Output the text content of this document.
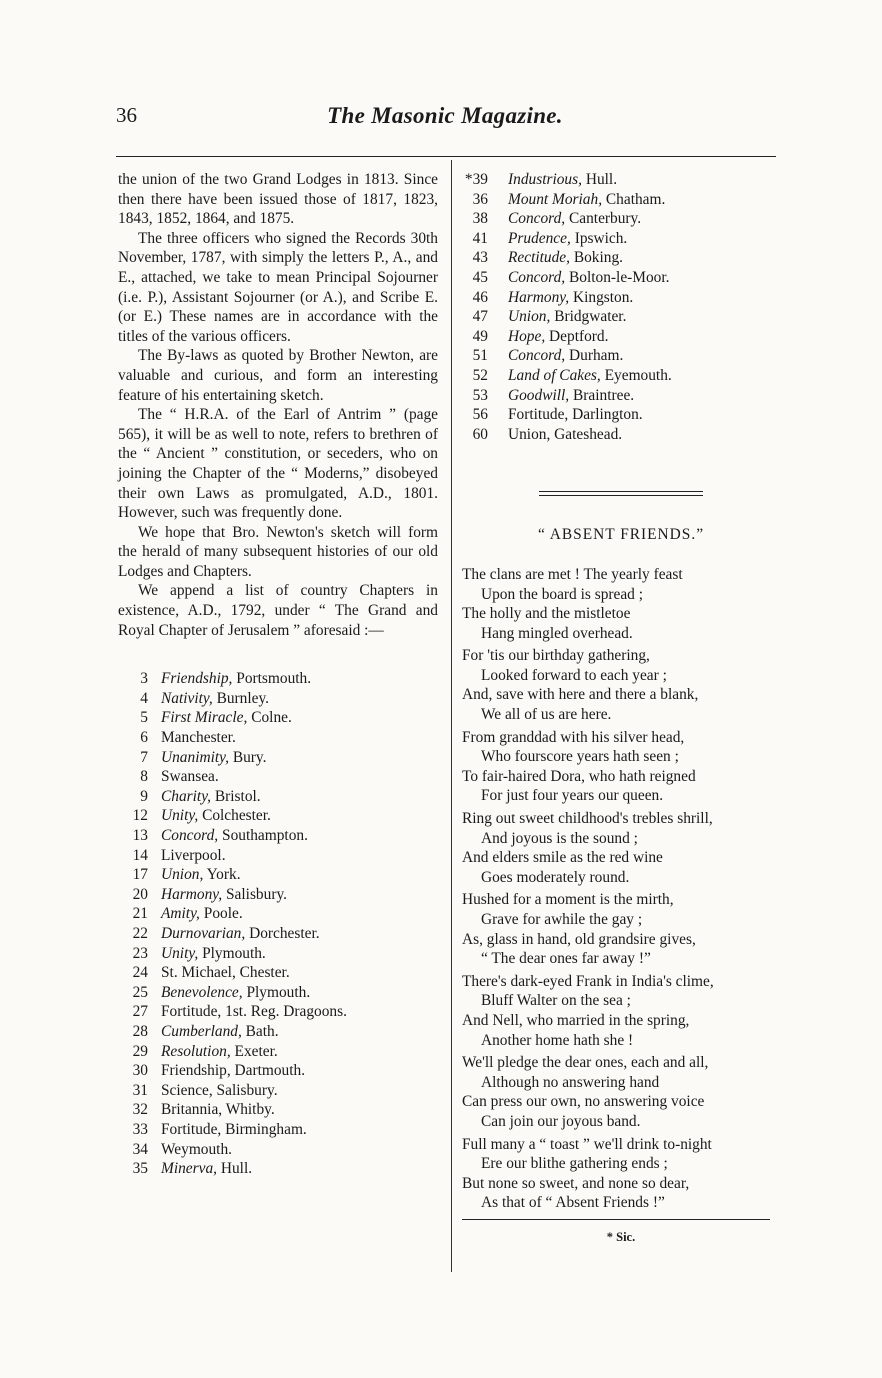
36	The Masonic Magazine.

the union of the two Grand Lodges in 1813. Since then there have been issued those of 1817, 1823, 1843, 1852, 1864, and 1875.

The three officers who signed the Records 30th November, 1787, with simply the letters P., A., and E., attached, we take to mean Principal Sojourner (i.e. P.), Assistant Sojourner (or A.), and Scribe E. (or E.) These names are in accordance with the titles of the various officers.

The By-laws as quoted by Brother Newton, are valuable and curious, and form an interesting feature of his entertaining sketch.

The “ H.R.A. of the Earl of Antrim ” (page 565), it will be as well to note, refers to brethren of the “ Ancient ” constitution, or seceders, who on joining the Chapter of the “ Moderns,” disobeyed their own Laws as promulgated, A.D., 1801. However, such was frequently done.

We hope that Bro. Newton's sketch will form the herald of many subsequent histories of our old Lodges and Chapters.

We append a list of country Chapters in existence, A.D., 1792, under “ The Grand and Royal Chapter of Jerusalem ” aforesaid :—

3 Friendship, Portsmouth.
4 Nativity, Burnley.
5 First Miracle, Colne.
6 Manchester.
7 Unanimity, Bury.
8 Swansea.
9 Charity, Bristol.
12 Unity, Colchester.
13 Concord, Southampton.
14 Liverpool.
17 Union, York.
20 Harmony, Salisbury.
21 Amity, Poole.
22 Durnovarian, Dorchester.
23 Unity, Plymouth.
24 St. Michael, Chester.
25 Benevolence, Plymouth.
27 Fortitude, 1st. Reg. Dragoons.
28 Cumberland, Bath.
29 Resolution, Exeter.
30 Friendship, Dartmouth.
31 Science, Salisbury.
32 Britannia, Whitby.
33 Fortitude, Birmingham.
34 Weymouth.
35 Minerva, Hull.
*39	Industrious, Hull.
36	Mount Moriah, Chatham.
38	Concord, Canterbury.
41	Prudence, Ipswich.
43	Rectitude, Boking.
45	Concord, Bolton-le-Moor.
46	Harmony, Kingston.
47	Union, Bridgwater.
49	Hope, Deptford.
51	Concord, Durham.
52	Land of Cakes, Eyemouth.
53	Goodwill, Braintree.
56	Fortitude, Darlington.
60	Union, Gateshead.
“ ABSENT FRIENDS.”
The clans are met ! The yearly feast
Upon the board is spread ;
The holly and the mistletoe
Hang mingled overhead.
For 'tis our birthday gathering,
Looked forward to each year ;
And, save with here and there a blank,
We all of us are here.
From granddad with his silver head,
Who fourscore years hath seen ;
To fair-haired Dora, who hath reigned
For just four years our queen.
Ring out sweet childhood's trebles shrill,
And joyous is the sound ;
And elders smile as the red wine
Goes moderately round.
Hushed for a moment is the mirth,
Grave for awhile the gay ;
As, glass in hand, old grandsire gives,
“ The dear ones far away !”
There's dark-eyed Frank in India's clime,
Bluff Walter on the sea ;
And Nell, who married in the spring,
Another home hath she !
We'll pledge the dear ones, each and all,
Although no answering hand
Can press our own, no answering voice
Can join our joyous band.
Full many a “ toast ” we'll drink to-night
Ere our blithe gathering ends ;
But none so sweet, and none so dear,
As that of “ Absent Friends !”
* Sic.
